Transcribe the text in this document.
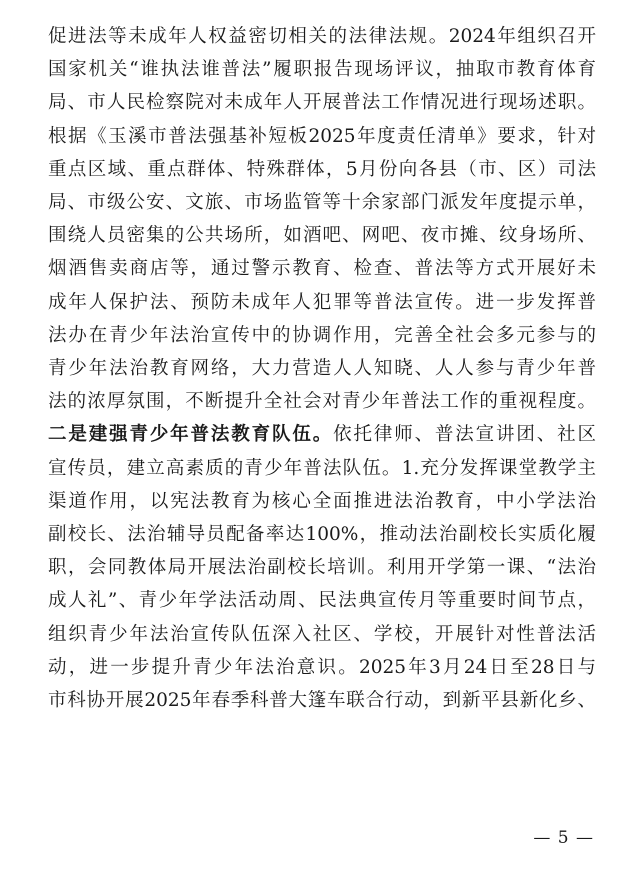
促进法等未成年人权益密切相关的法律法规。2024年组织召开
国家机关“谁执法谁普法”履职报告现场评议，抽取市教育体育
局、市人民检察院对未成年人开展普法工作情况进行现场述职。
根据《玉溪市普法强基补短板2025年度责任清单》要求，针对
重点区域、重点群体、特殊群体，5月份向各县（市、区）司法
局、市级公安、文旅、市场监管等十余家部门派发年度提示单，
围绕人员密集的公共场所，如酒吧、网吧、夜市摊、纹身场所、
烟酒售卖商店等，通过警示教育、检查、普法等方式开展好未
成年人保护法、预防未成年人犯罪等普法宣传。进一步发挥普
法办在青少年法治宣传中的协调作用，完善全社会多元参与的
青少年法治教育网络，大力营造人人知晓、人人参与青少年普
法的浓厚氛围，不断提升全社会对青少年普法工作的重视程度。
二是建强青少年普法教育队伍。依托律师、普法宣讲团、社区
宣传员，建立高素质的青少年普法队伍。1.充分发挥课堂教学主
渠道作用，以宪法教育为核心全面推进法治教育，中小学法治
副校长、法治辅导员配备率达100%，推动法治副校长实质化履
职，会同教体局开展法治副校长培训。利用开学第一课、“法治
成人礼”、青少年学法活动周、民法典宣传月等重要时间节点，
组织青少年法治宣传队伍深入社区、学校，开展针对性普法活
动，进一步提升青少年法治意识。2025年3月24日至28日与
市科协开展2025年春季科普大篷车联合行动，到新平县新化乡、
— 5 —
